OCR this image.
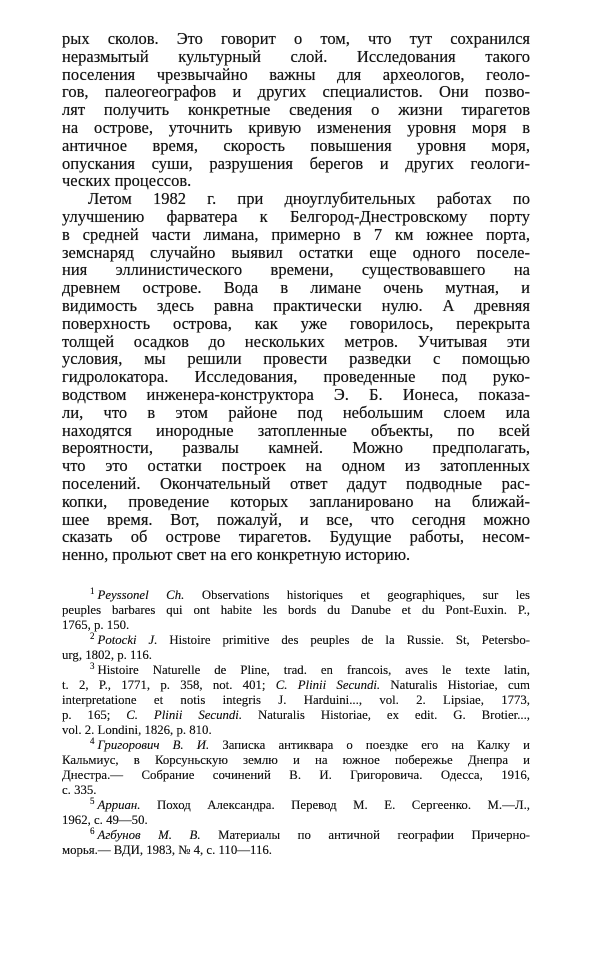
рых сколов. Это говорит о том, что тут сохранился
неразмытый культурный слой. Исследования такого
поселения чрезвычайно важны для археологов, геоло-
гов, палеогеографов и других специалистов. Они позво-
лят получить конкретные сведения о жизни тирагетов
на острове, уточнить кривую изменения уровня моря в
античное время, скорость повышения уровня моря,
опускания суши, разрушения берегов и других геологи-
ческих процессов.
Летом 1982 г. при дноуглубительных работах по
улучшению фарватера к Белгород-Днестровскому порту
в средней части лимана, примерно в 7 км южнее порта,
земснаряд случайно выявил остатки еще одного поселе-
ния эллинистического времени, существовавшего на
древнем острове. Вода в лимане очень мутная, и
видимость здесь равна практически нулю. А древняя
поверхность острова, как уже говорилось, перекрыта
толщей осадков до нескольких метров. Учитывая эти
условия, мы решили провести разведки с помощью
гидролокатора. Исследования, проведенные под руко-
водством инженера-конструктора Э. Б. Ионеса, показа-
ли, что в этом районе под небольшим слоем ила
находятся инородные затопленные объекты, по всей
вероятности, развалы камней. Можно предполагать,
что это остатки построек на одном из затопленных
поселений. Окончательный ответ дадут подводные рас-
копки, проведение которых запланировано на ближай-
шее время. Вот, пожалуй, и все, что сегодня можно
сказать об острове тирагетов. Будущие работы, несом-
ненно, прольют свет на его конкретную историю.
$^1$ Peyssonel Ch. Observations historiques et geographiques, sur les
peuples barbares qui ont habite les bords du Danube et du Pont-Euxin. P.,
1765, p. 150.
$^2$ Potocki J. Histoire primitive des peuples de la Russie. St, Petersbo-
urg, 1802, p. 116.
$^3$ Histoire Naturelle de Pline, trad. en francois, aves le texte latin,
t. 2, P., 1771, p. 358, not. 401; C. Plinii Secundi. Naturalis Historiae, cum
interpretatione et notis integris J. Harduini..., vol. 2. Lipsiae, 1773,
p. 165; C. Plinii Secundi. Naturalis Historiae, ex edit. G. Brotier...,
vol. 2. Londini, 1826, p. 810.
$^4$ Григорович В. И. Записка антиквара о поездке его на Калку и
Кальмиус, в Корсуньскую землю и на южное побережье Днепра и
Днестра.— Собрание сочинений В. И. Григоровича. Одесса, 1916,
с. 335.
$^5$ Арриан. Поход Александра. Перевод М. Е. Сергеенко. М.—Л.,
1962, с. 49—50.
$^6$ Агбунов М. В. Материалы по античной географии Причерно-
морья.— ВДИ, 1983, № 4, с. 110—116.
